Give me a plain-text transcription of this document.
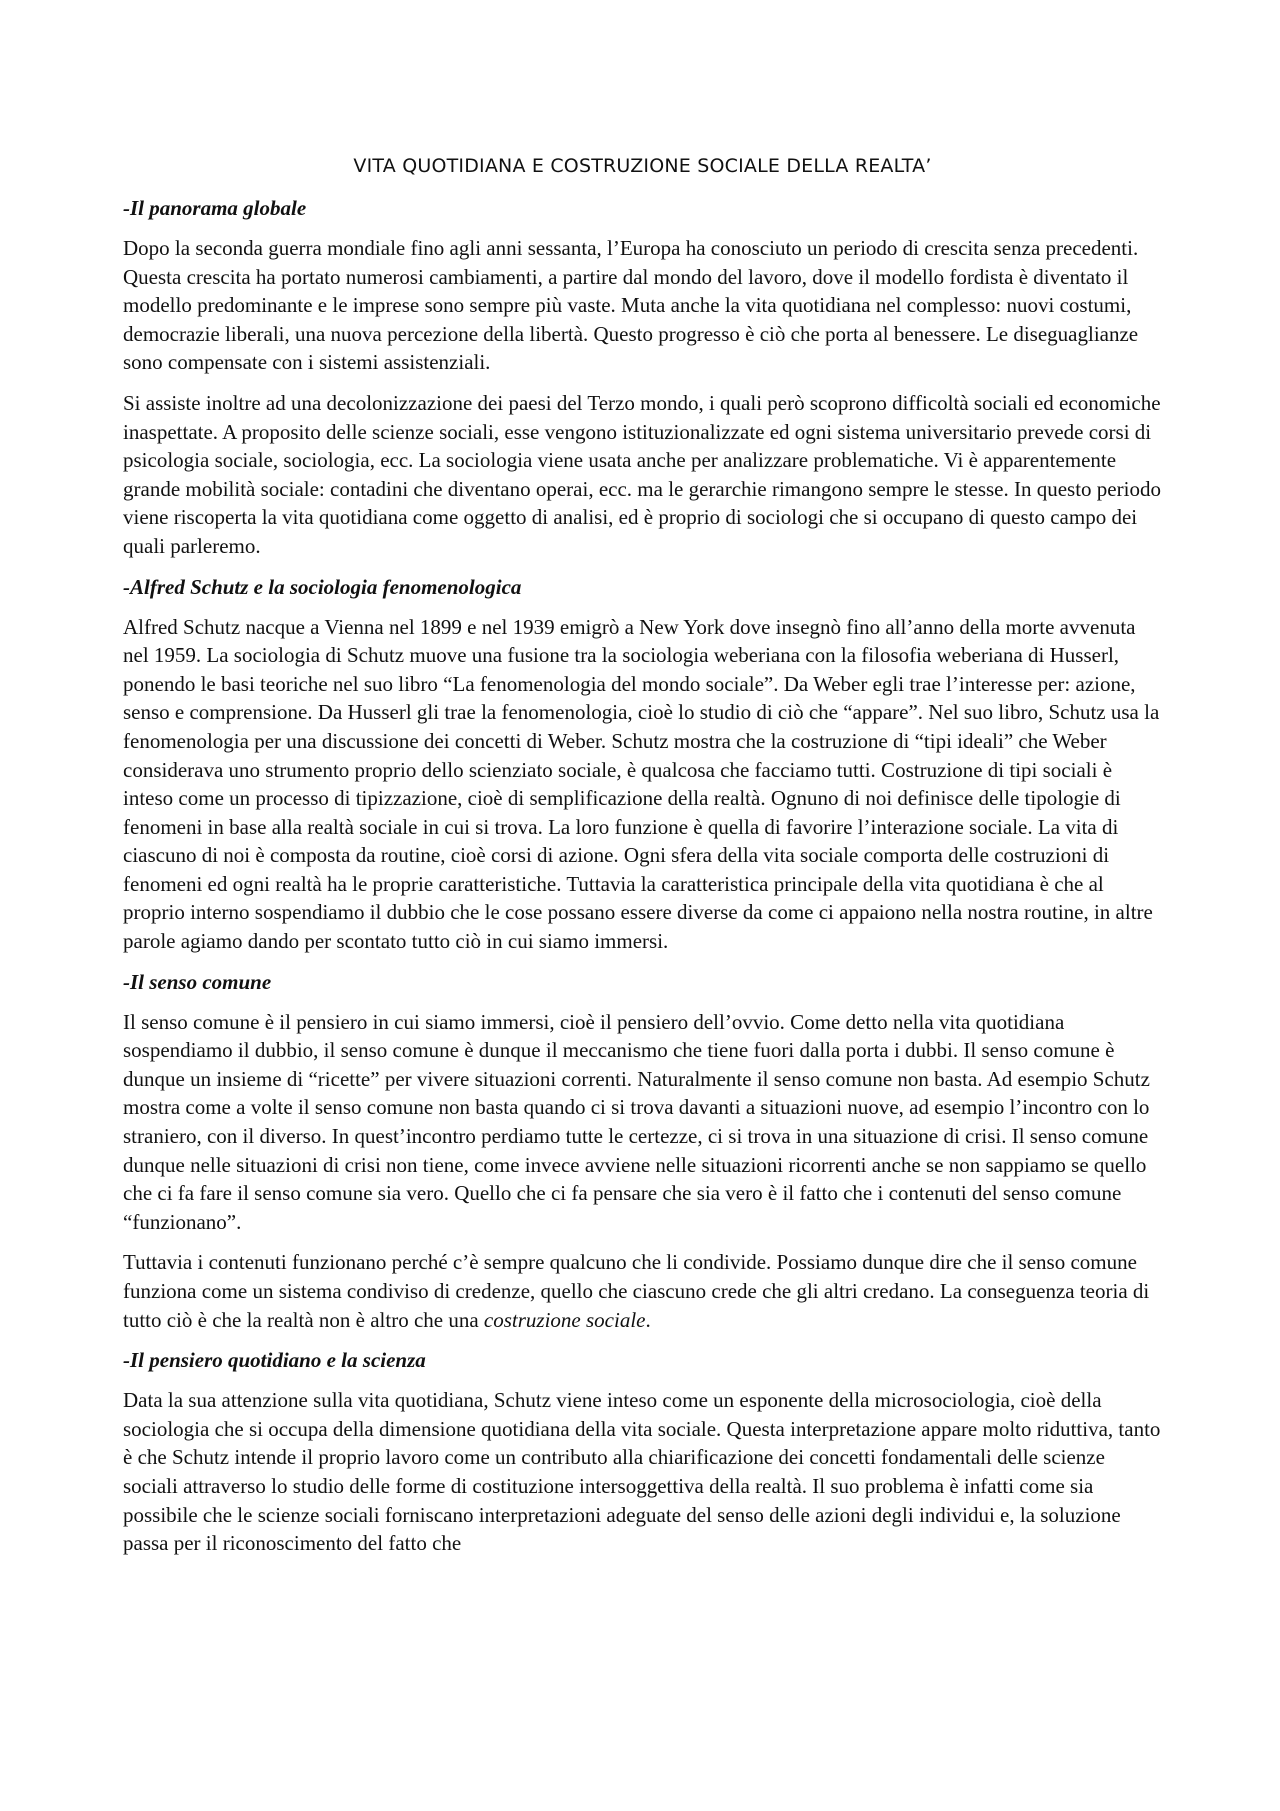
VITA QUOTIDIANA E COSTRUZIONE SOCIALE DELLA REALTA’
-Il panorama globale

Dopo la seconda guerra mondiale fino agli anni sessanta, l’Europa ha conosciuto un periodo di crescita senza precedenti. Questa crescita ha portato numerosi cambiamenti, a partire dal mondo del lavoro, dove il modello fordista è diventato il modello predominante e le imprese sono sempre più vaste. Muta anche la vita quotidiana nel complesso: nuovi costumi, democrazie liberali, una nuova percezione della libertà. Questo progresso è ciò che porta al benessere. Le diseguaglianze sono compensate con i sistemi assistenziali.

Si assiste inoltre ad una decolonizzazione dei paesi del Terzo mondo, i quali però scoprono difficoltà sociali ed economiche inaspettate. A proposito delle scienze sociali, esse vengono istituzionalizzate ed ogni sistema universitario prevede corsi di psicologia sociale, sociologia, ecc. La sociologia viene usata anche per analizzare problematiche. Vi è apparentemente grande mobilità sociale: contadini che diventano operai, ecc. ma le gerarchie rimangono sempre le stesse. In questo periodo viene riscoperta la vita quotidiana come oggetto di analisi, ed è proprio di sociologi che si occupano di questo campo dei quali parleremo.

-Alfred Schutz e la sociologia fenomenologica

Alfred Schutz nacque a Vienna nel 1899 e nel 1939 emigrò a New York dove insegnò fino all’anno della morte avvenuta nel 1959. La sociologia di Schutz muove una fusione tra la sociologia weberiana con la filosofia weberiana di Husserl, ponendo le basi teoriche nel suo libro “La fenomenologia del mondo sociale”. Da Weber egli trae l’interesse per: azione, senso e comprensione. Da Husserl gli trae la fenomenologia, cioè lo studio di ciò che “appare”. Nel suo libro, Schutz usa la fenomenologia per una discussione dei concetti di Weber. Schutz mostra che la costruzione di “tipi ideali” che Weber considerava uno strumento proprio dello scienziato sociale, è qualcosa che facciamo tutti. Costruzione di tipi sociali è inteso come un processo di tipizzazione, cioè di semplificazione della realtà. Ognuno di noi definisce delle tipologie di fenomeni in base alla realtà sociale in cui si trova. La loro funzione è quella di favorire l’interazione sociale. La vita di ciascuno di noi è composta da routine, cioè corsi di azione. Ogni sfera della vita sociale comporta delle costruzioni di fenomeni ed ogni realtà ha le proprie caratteristiche. Tuttavia la caratteristica principale della vita quotidiana è che al proprio interno sospendiamo il dubbio che le cose possano essere diverse da come ci appaiono nella nostra routine, in altre parole agiamo dando per scontato tutto ciò in cui siamo immersi.

-Il senso comune

Il senso comune è il pensiero in cui siamo immersi, cioè il pensiero dell’ovvio. Come detto nella vita quotidiana sospendiamo il dubbio, il senso comune è dunque il meccanismo che tiene fuori dalla porta i dubbi. Il senso comune è dunque un insieme di “ricette” per vivere situazioni correnti. Naturalmente il senso comune non basta. Ad esempio Schutz mostra come a volte il senso comune non basta quando ci si trova davanti a situazioni nuove, ad esempio l’incontro con lo straniero, con il diverso. In quest’incontro perdiamo tutte le certezze, ci si trova in una situazione di crisi. Il senso comune dunque nelle situazioni di crisi non tiene, come invece avviene nelle situazioni ricorrenti anche se non sappiamo se quello che ci fa fare il senso comune sia vero. Quello che ci fa pensare che sia vero è il fatto che i contenuti del senso comune “funzionano”.

Tuttavia i contenuti funzionano perché c’è sempre qualcuno che li condivide. Possiamo dunque dire che il senso comune funziona come un sistema condiviso di credenze, quello che ciascuno crede che gli altri credano. La conseguenza teoria di tutto ciò è che la realtà non è altro che una costruzione sociale.

-Il pensiero quotidiano e la scienza

Data la sua attenzione sulla vita quotidiana, Schutz viene inteso come un esponente della microsociologia, cioè della sociologia che si occupa della dimensione quotidiana della vita sociale. Questa interpretazione appare molto riduttiva, tanto è che Schutz intende il proprio lavoro come un contributo alla chiarificazione dei concetti fondamentali delle scienze sociali attraverso lo studio delle forme di costituzione intersoggettiva della realtà. Il suo problema è infatti come sia possibile che le scienze sociali forniscano interpretazioni adeguate del senso delle azioni degli individui e, la soluzione passa per il riconoscimento del fatto che
